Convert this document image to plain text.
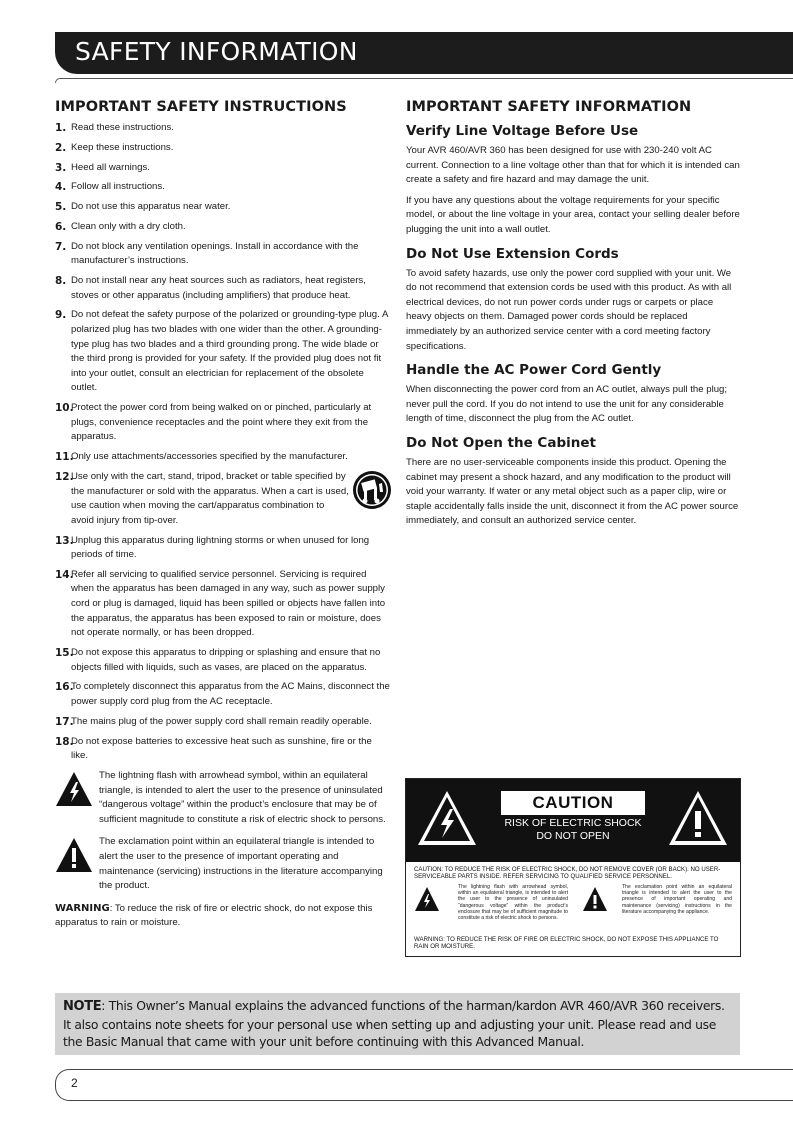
SAFETY INFORMATION
IMPORTANT SAFETY INSTRUCTIONS
1. Read these instructions.
2. Keep these instructions.
3. Heed all warnings.
4. Follow all instructions.
5. Do not use this apparatus near water.
6. Clean only with a dry cloth.
7. Do not block any ventilation openings. Install in accordance with the manufacturer’s instructions.
8. Do not install near any heat sources such as radiators, heat registers, stoves or other apparatus (including amplifiers) that produce heat.
9. Do not defeat the safety purpose of the polarized or grounding-type plug. A polarized plug has two blades with one wider than the other. A grounding-type plug has two blades and a third grounding prong. The wide blade or the third prong is provided for your safety. If the provided plug does not fit into your outlet, consult an electrician for replacement of the obsolete outlet.
10.
Protect the power cord from being walked on or pinched, particularly at plugs, convenience receptacles and the point where they exit from the apparatus.
11.
Only use attachments/accessories specified by the manufacturer.
12.
Use only with the cart, stand, tripod, bracket or table specified by the manufacturer or sold with the apparatus. When a cart is used, use caution when moving the cart/apparatus combination to avoid injury from tip-over.
13.
Unplug this apparatus during lightning storms or when unused for long periods of time.
14.
Refer all servicing to qualified service personnel. Servicing is required when the apparatus has been damaged in any way, such as power supply cord or plug is damaged, liquid has been spilled or objects have fallen into the apparatus, the apparatus has been exposed to rain or moisture, does not operate normally, or has been dropped.
15.
Do not expose this apparatus to dripping or splashing and ensure that no objects filled with liquids, such as vases, are placed on the apparatus.
16.
To completely disconnect this apparatus from the AC Mains, disconnect the power supply cord plug from the AC receptacle.
17.
The mains plug of the power supply cord shall remain readily operable.
18.
Do not expose batteries to excessive heat such as sunshine, fire or the like.
The lightning flash with arrowhead symbol, within an equilateral triangle, is intended to alert the user to the presence of uninsulated “dangerous voltage” within the product’s enclosure that may be of sufficient magnitude to constitute a risk of electric shock to persons.
The exclamation point within an equilateral triangle is intended to alert the user to the presence of important operating and maintenance (servicing) instructions in the literature accompanying the product.
WARNING: To reduce the risk of fire or electric shock, do not expose this apparatus to rain or moisture.
IMPORTANT SAFETY INFORMATION
Verify Line Voltage Before Use

Your AVR 460/AVR 360 has been designed for use with 230-240 volt AC current. Connection to a line voltage other than that for which it is intended can create a safety and fire hazard and may damage the unit.

If you have any questions about the voltage requirements for your specific model, or about the line voltage in your area, contact your selling dealer before plugging the unit into a wall outlet.

Do Not Use Extension Cords

To avoid safety hazards, use only the power cord supplied with your unit. We do not recommend that extension cords be used with this product. As with all electrical devices, do not run power cords under rugs or carpets or place heavy objects on them. Damaged power cords should be replaced immediately by an authorized service center with a cord meeting factory specifications.

Handle the AC Power Cord Gently

When disconnecting the power cord from an AC outlet, always pull the plug; never pull the cord. If you do not intend to use the unit for any considerable length of time, disconnect the plug from the AC outlet.

Do Not Open the Cabinet

There are no user-serviceable components inside this product. Opening the cabinet may present a shock hazard, and any modification to the product will void your warranty. If water or any metal object such as a paper clip, wire or staple accidentally falls inside the unit, disconnect it from the AC power source immediately, and consult an authorized service center.

CAUTION
RISK OF ELECTRIC SHOCK
DO NOT OPEN
CAUTION: TO REDUCE THE RISK OF ELECTRIC SHOCK, DO NOT REMOVE COVER (OR BACK). NO USER-SERVICEABLE PARTS INSIDE. REFER SERVICING TO QUALIFIED SERVICE PERSONNEL.
The lightning flash with arrowhead symbol, within an equilateral triangle, is intended to alert the user to the presence of uninsulated “dangerous voltage” within the product’s enclosure that may be of sufficient magnitude to constitute a risk of electric shock to persons.
The exclamation point within an equilateral triangle is intended to alert the user to the presence of important operating and maintenance (servicing) instructions in the literature accompanying the appliance.
WARNING: TO REDUCE THE RISK OF FIRE OR ELECTRIC SHOCK, DO NOT EXPOSE THIS APPLIANCE TO RAIN OR MOISTURE.
NOTE: This Owner’s Manual explains the advanced functions of the harman/kardon AVR 460/AVR 360 receivers. It also contains note sheets for your personal use when setting up and adjusting your unit. Please read and use the Basic Manual that came with your unit before continuing with this Advanced Manual.
2
